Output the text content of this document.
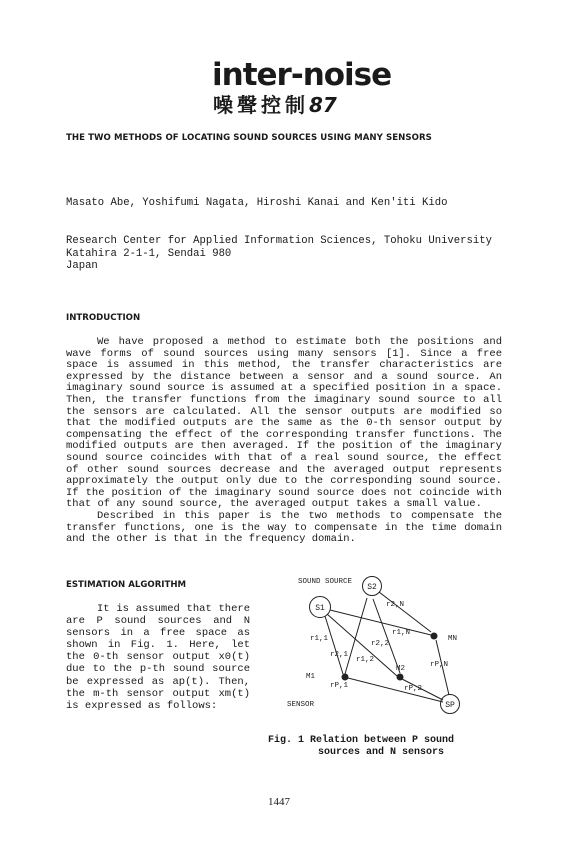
inter-noise
噪聲控制87
THE TWO METHODS OF LOCATING SOUND SOURCES USING MANY SENSORS
Masato Abe, Yoshifumi Nagata, Hiroshi Kanai and Ken'iti Kido
Research Center for Applied Information Sciences, Tohoku University
Katahira 2-1-1, Sendai 980
Japan
INTRODUCTION

We have proposed a method to estimate both the positions and wave forms of sound sources using many sensors [1]. Since a free space is assumed in this method, the transfer characteristics are expressed by the distance between a sensor and a sound source. An imaginary sound source is assumed at a specified position in a space. Then, the transfer functions from the imaginary sound source to all the sensors are calculated. All the sensor outputs are modified so that the modified outputs are the same as the 0-th sensor output by compensating the effect of the corresponding transfer functions. The modified outputs are then averaged. If the position of the imaginary sound source coincides with that of a real sound source, the effect of other sound sources decrease and the averaged output represents approximately the output only due to the corresponding sound source. If the position of the imaginary sound source does not coincide with that of any sound source, the averaged output takes a small value.

Described in this paper is the two methods to compensate the transfer functions, one is the way to compensate in the time domain and the other is that in the frequency domain.

ESTIMATION ALGORITHM

It is assumed that there are P sound sources and N sensors in a free space as shown in Fig. 1. Here, let the 0-th sensor output x0(t) due to the p-th sound source be expressed as ap(t). Then, the m-th sensor output xm(t) is expressed as follows:

SOUND SOURCE
SENSOR
S1
S2
SP
M1
M2
MN
r1,1
r2,1
r1,2
r2,2
r1,N
r2,N
rP,1	rP,2
rP,N
Fig. 1 Relation between P sound
sources and N sensors
1447
